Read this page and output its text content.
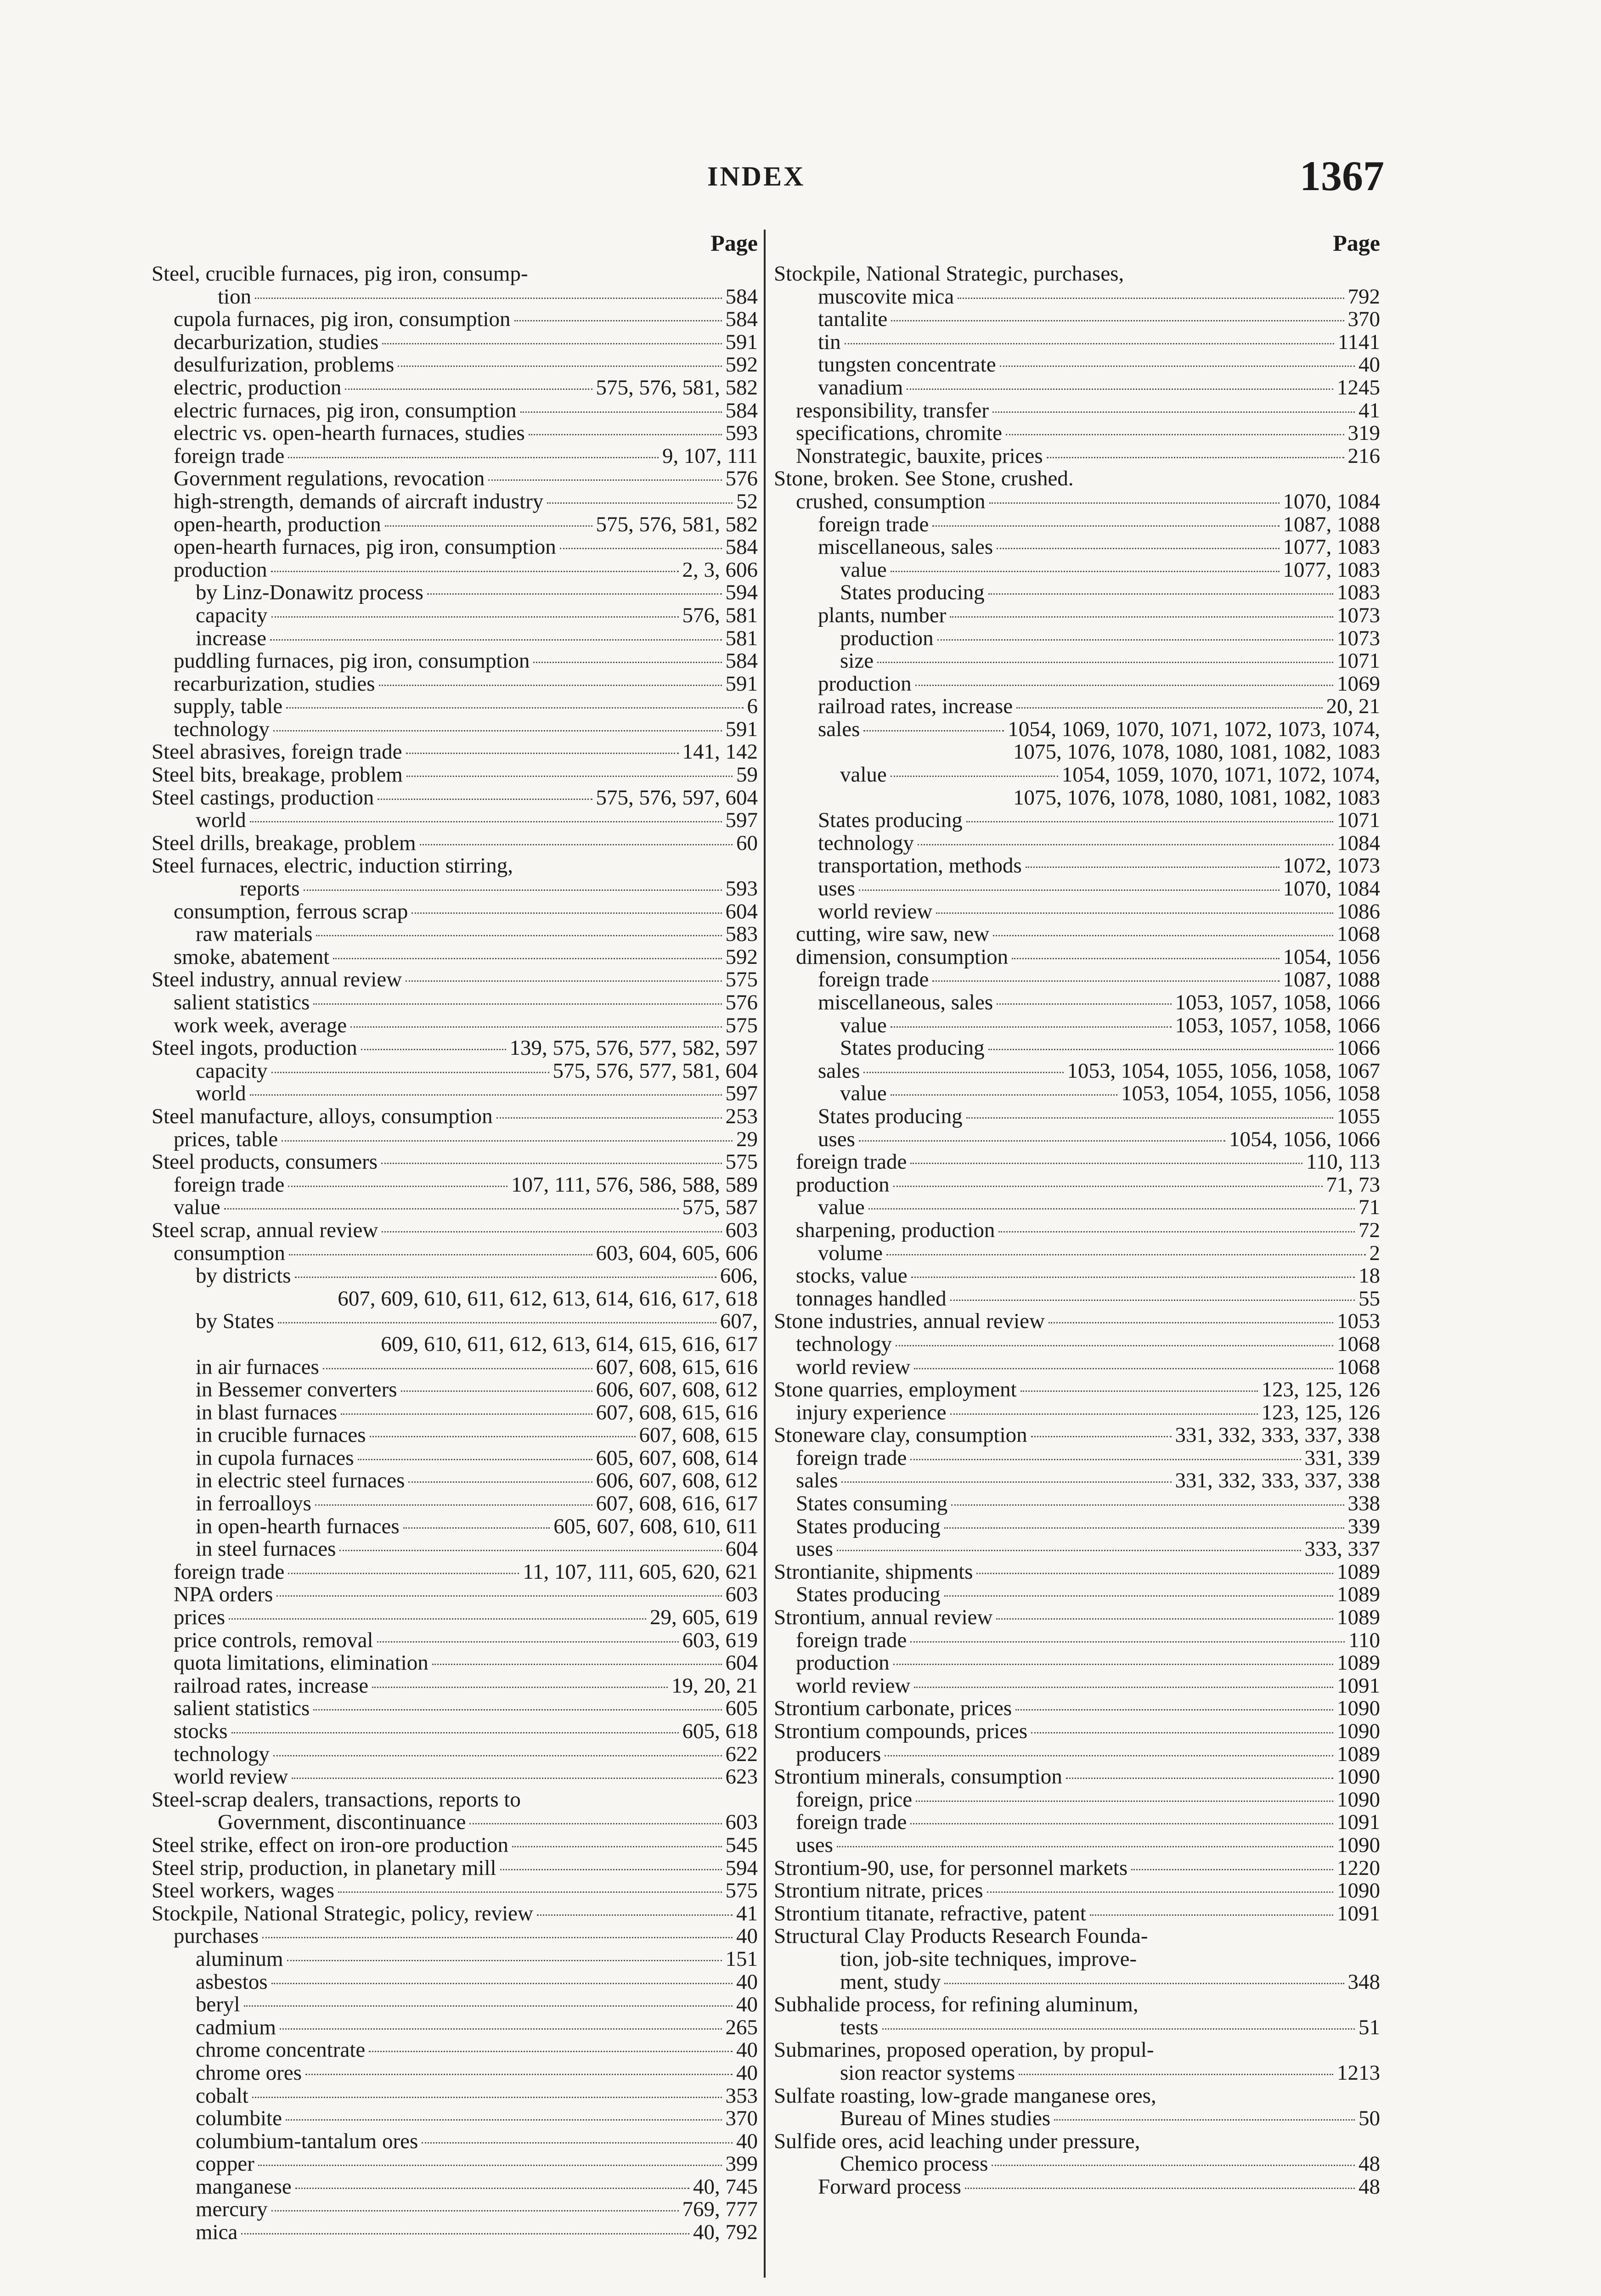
INDEX	1367
Page
Steel, crucible furnaces, pig iron, consump-
tion	584
cupola furnaces, pig iron, consumption	584
decarburization, studies	591
desulfurization, problems	592
electric, production	575, 576, 581, 582
electric furnaces, pig iron, consumption	584
electric vs. open-hearth furnaces, studies	593
foreign trade	9, 107, 111
Government regulations, revocation	576
high-strength, demands of aircraft industry	52
open-hearth, production	575, 576, 581, 582
open-hearth furnaces, pig iron, consumption	584
production	2, 3, 606
by Linz-Donawitz process	594
capacity	576, 581
increase	581
puddling furnaces, pig iron, consumption	584
recarburization, studies	591
supply, table	6
technology	591
Steel abrasives, foreign trade	141, 142
Steel bits, breakage, problem	59
Steel castings, production	575, 576, 597, 604
world	597
Steel drills, breakage, problem	60
Steel furnaces, electric, induction stirring,
reports	593
consumption, ferrous scrap	604
raw materials	583
smoke, abatement	592
Steel industry, annual review	575
salient statistics	576
work week, average	575
Steel ingots, production	139, 575, 576, 577, 582, 597
capacity	575, 576, 577, 581, 604
world	597
Steel manufacture, alloys, consumption	253
prices, table	29
Steel products, consumers	575
foreign trade	107, 111, 576, 586, 588, 589
value	575, 587
Steel scrap, annual review	603
consumption	603, 604, 605, 606
by districts	606,
607, 609, 610, 611, 612, 613, 614, 616, 617, 618
by States	607,
609, 610, 611, 612, 613, 614, 615, 616, 617
in air furnaces	607, 608, 615, 616
in Bessemer converters	606, 607, 608, 612
in blast furnaces	607, 608, 615, 616
in crucible furnaces	607, 608, 615
in cupola furnaces	605, 607, 608, 614
in electric steel furnaces	606, 607, 608, 612
in ferroalloys	607, 608, 616, 617
in open-hearth furnaces	605, 607, 608, 610, 611
in steel furnaces	604
foreign trade	11, 107, 111, 605, 620, 621
NPA orders	603
prices	29, 605, 619
price controls, removal	603, 619
quota limitations, elimination	604
railroad rates, increase	19, 20, 21
salient statistics	605
stocks	605, 618
technology	622
world review	623
Steel-scrap dealers, transactions, reports to
Government, discontinuance	603
Steel strike, effect on iron-ore production	545
Steel strip, production, in planetary mill	594
Steel workers, wages	575
Stockpile, National Strategic, policy, review	41
purchases	40
aluminum	151
asbestos	40
beryl	40
cadmium	265
chrome concentrate	40
chrome ores	40
cobalt	353
columbite	370
columbium-tantalum ores	40
copper	399
manganese	40, 745
mercury	769, 777
mica	40, 792
Page
Stockpile, National Strategic, purchases,
muscovite mica	792
tantalite	370
tin	1141
tungsten concentrate	40
vanadium	1245
responsibility, transfer	41
specifications, chromite	319
Nonstrategic, bauxite, prices	216
Stone, broken. See Stone, crushed.
crushed, consumption	1070, 1084
foreign trade	1087, 1088
miscellaneous, sales	1077, 1083
value	1077, 1083
States producing	1083
plants, number	1073
production	1073
size	1071
production	1069
railroad rates, increase	20, 21
sales	1054, 1069, 1070, 1071, 1072, 1073, 1074,
1075, 1076, 1078, 1080, 1081, 1082, 1083
value	1054, 1059, 1070, 1071, 1072, 1074,
1075, 1076, 1078, 1080, 1081, 1082, 1083
States producing	1071
technology	1084
transportation, methods	1072, 1073
uses	1070, 1084
world review	1086
cutting, wire saw, new	1068
dimension, consumption	1054, 1056
foreign trade	1087, 1088
miscellaneous, sales	1053, 1057, 1058, 1066
value	1053, 1057, 1058, 1066
States producing	1066
sales	1053, 1054, 1055, 1056, 1058, 1067
value	1053, 1054, 1055, 1056, 1058
States producing	1055
uses	1054, 1056, 1066
foreign trade	110, 113
production	71, 73
value	71
sharpening, production	72
volume	2
stocks, value	18
tonnages handled	55
Stone industries, annual review	1053
technology	1068
world review	1068
Stone quarries, employment	123, 125, 126
injury experience	123, 125, 126
Stoneware clay, consumption	331, 332, 333, 337, 338
foreign trade	331, 339
sales	331, 332, 333, 337, 338
States consuming	338
States producing	339
uses	333, 337
Strontianite, shipments	1089
States producing	1089
Strontium, annual review	1089
foreign trade	110
production	1089
world review	1091
Strontium carbonate, prices	1090
Strontium compounds, prices	1090
producers	1089
Strontium minerals, consumption	1090
foreign, price	1090
foreign trade	1091
uses	1090
Strontium-90, use, for personnel markets	1220
Strontium nitrate, prices	1090
Strontium titanate, refractive, patent	1091
Structural Clay Products Research Founda-
tion, job-site techniques, improve-
ment, study	348
Subhalide process, for refining aluminum,
tests	51
Submarines, proposed operation, by propul-
sion reactor systems	1213
Sulfate roasting, low-grade manganese ores,
Bureau of Mines studies	50
Sulfide ores, acid leaching under pressure,
Chemico process	48
Forward process	48
